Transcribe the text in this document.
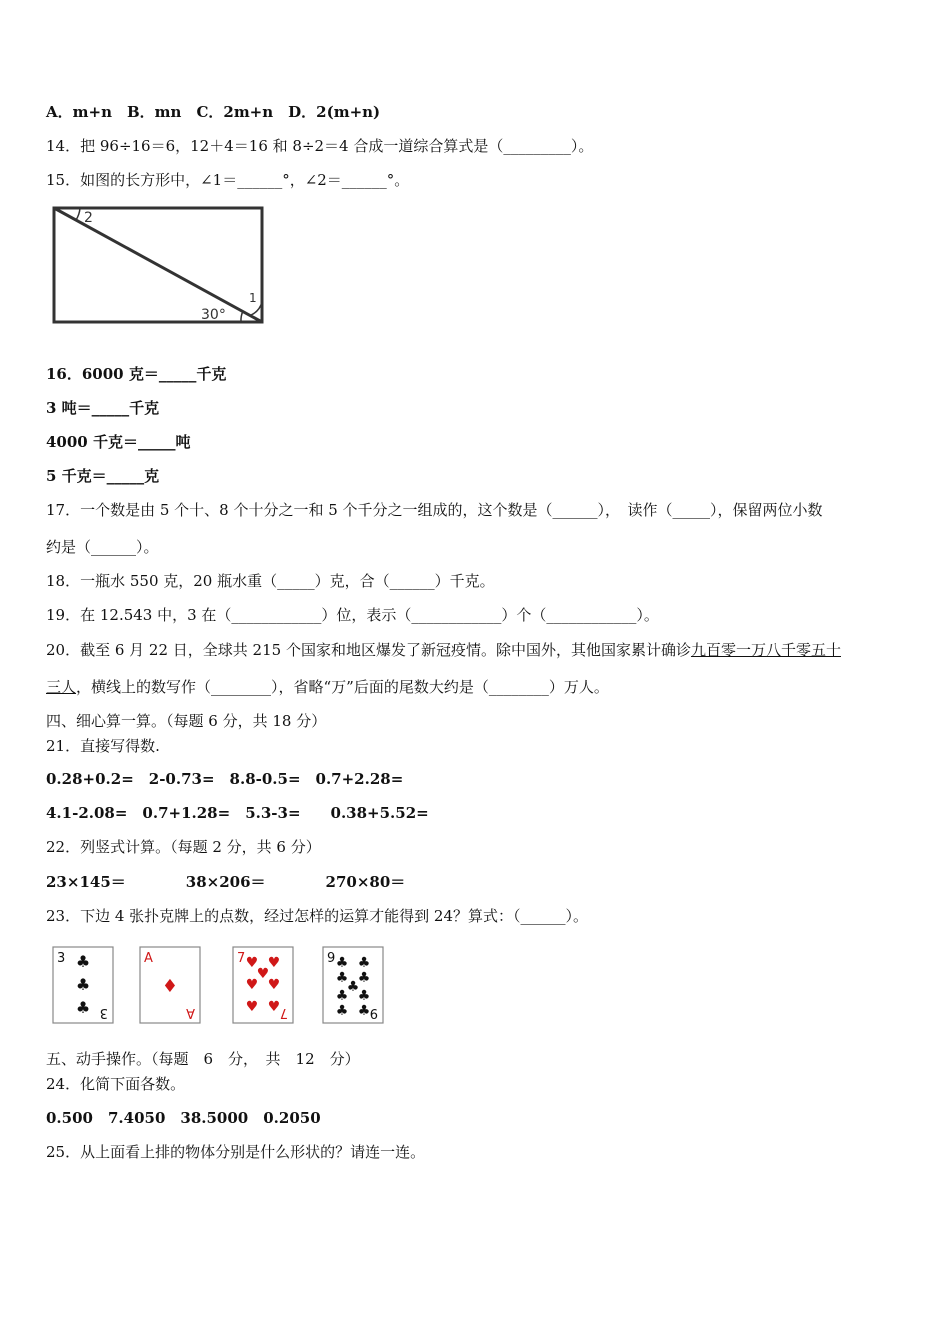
A．m+n　B．mn　C．2m+n　D．2(m+n)
14．把 96÷16＝6，12＋4＝16 和 8÷2＝4 合成一道综合算式是（_________）。
15．如图的长方形中，∠1＝______°，∠2＝______°。
2
1
30°
16．6000 克＝_____千克
3 吨＝_____千克
4000 千克＝_____吨
5 千克＝_____克
17．一个数是由 5 个十、8 个十分之一和 5 个千分之一组成的，这个数是（______），　读作（_____），保留两位小数
约是（______）。
18．一瓶水 550 克，20 瓶水重（_____）克，合（______）千克。
19．在 12.543 中，3 在（____________）位，表示（____________）个（____________）。
20．截至 6 月 22 日，全球共 215 个国家和地区爆发了新冠疫情。除中国外，其他国家累计确诊九百零一万八千零五十
三人，横线上的数写作（________），省略“万”后面的尾数大约是（________）万人。
四、细心算一算。（每题 6 分，共 18 分）
21．直接写得数.
0.28+0.2=　2-0.73=　8.8-0.5=　0.7+2.28=
4.1-2.08=　0.7+1.28=　5.3-3=　　0.38+5.52=
22．列竖式计算。（每题 2 分，共 6 分）
23×145＝　　　　38×206＝　　　　270×80＝
23．下边 4 张扑克牌上的点数，经过怎样的运算才能得到 24？算式：（______）。
3 ♣
♣
♣ 3
A
♦
A
7 ♥ ♥
♥
♥ ♥
♥ ♥ 7
9 ♣ ♣
♣ ♣
♣
♣ ♣
♣ ♣ 9
五、动手操作。（每题　6　分，　共　12　分）
24．化简下面各数。
0.500　7.4050　38.5000　0.2050
25．从上面看上排的物体分别是什么形状的？请连一连。
